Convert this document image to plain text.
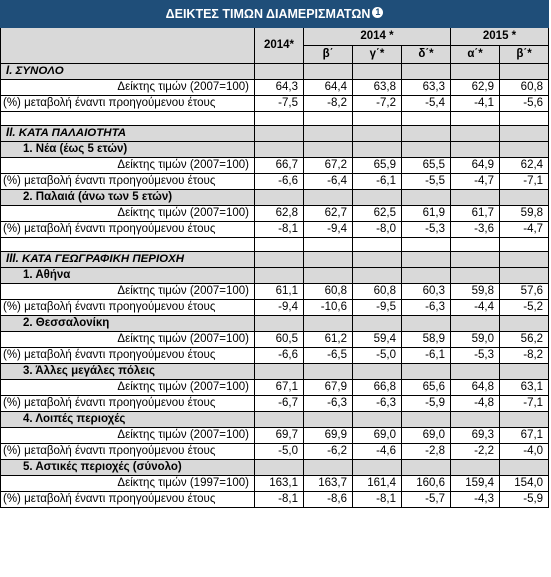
ΔΕΙΚΤΕΣ ΤΙΜΩΝ ΔΙΑΜΕΡΙΣΜΑΤΩΝ 1						
	2014*	2014 *			2015 *	
		β΄	γ΄*	δ΄*	α΄*	β΄*
I. ΣΥΝΟΛΟ						
Δείκτης τιμών (2007=100)	64,3	64,4	63,8	63,3	62,9	60,8
(%) μεταβολή έναντι προηγούμενου έτους	-7,5	-8,2	-7,2	-5,4	-4,1	-5,6

II. ΚΑΤΑ ΠΑΛΑΙΟΤΗΤΑ						
1. Νέα (έως 5 ετών)						
Δείκτης τιμών (2007=100)	66,7	67,2	65,9	65,5	64,9	62,4
(%) μεταβολή έναντι προηγούμενου έτους	-6,6	-6,4	-6,1	-5,5	-4,7	-7,1
2. Παλαιά (άνω των 5 ετών)						
Δείκτης τιμών (2007=100)	62,8	62,7	62,5	61,9	61,7	59,8
(%) μεταβολή έναντι προηγούμενου έτους	-8,1	-9,4	-8,0	-5,3	-3,6	-4,7

III. ΚΑΤΑ ΓΕΩΓΡΑΦΙΚΗ ΠΕΡΙΟΧΗ						
1. Αθήνα						
Δείκτης τιμών (2007=100)	61,1	60,8	60,8	60,3	59,8	57,6
(%) μεταβολή έναντι προηγούμενου έτους	-9,4	-10,6	-9,5	-6,3	-4,4	-5,2
2. Θεσσαλονίκη						
Δείκτης τιμών (2007=100)	60,5	61,2	59,4	58,9	59,0	56,2
(%) μεταβολή έναντι προηγούμενου έτους	-6,6	-6,5	-5,0	-6,1	-5,3	-8,2
3. Άλλες μεγάλες πόλεις						
Δείκτης τιμών (2007=100)	67,1	67,9	66,8	65,6	64,8	63,1
(%) μεταβολή έναντι προηγούμενου έτους	-6,7	-6,3	-6,3	-5,9	-4,8	-7,1
4. Λοιπές περιοχές						
Δείκτης τιμών (2007=100)	69,7	69,9	69,0	69,0	69,3	67,1
(%) μεταβολή έναντι προηγούμενου έτους	-5,0	-6,2	-4,6	-2,8	-2,2	-4,0
5. Αστικές περιοχές (σύνολο)						
Δείκτης τιμών (1997=100)	163,1	163,7	161,4	160,6	159,4	154,0
(%) μεταβολή έναντι προηγούμενου έτους	-8,1	-8,6	-8,1	-5,7	-4,3	-5,9
